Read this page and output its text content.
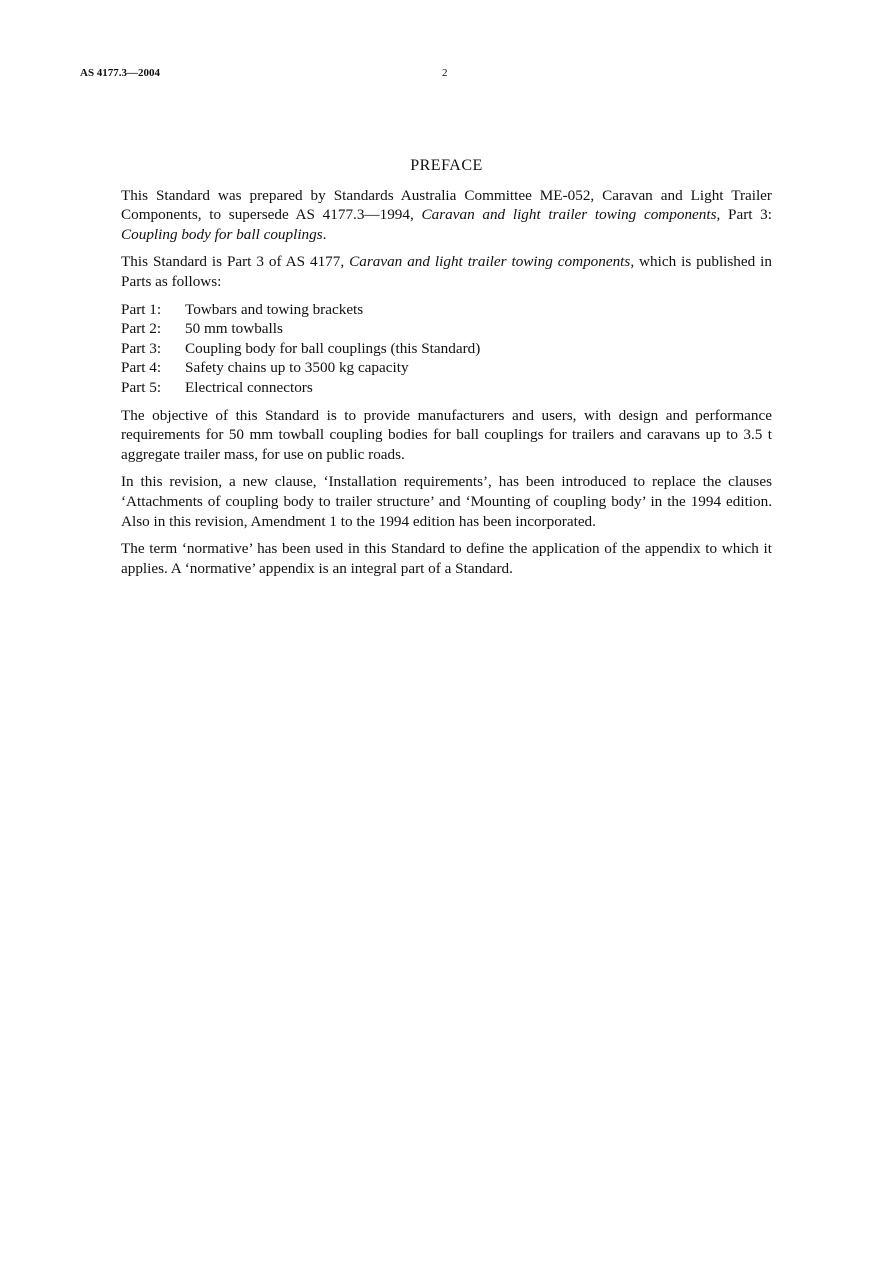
AS 4177.3—2004	2
PREFACE

This Standard was prepared by Standards Australia Committee ME-052, Caravan and Light Trailer Components, to supersede AS 4177.3—1994, Caravan and light trailer towing components, Part 3: Coupling body for ball couplings.

This Standard is Part 3 of AS 4177, Caravan and light trailer towing components, which is published in Parts as follows:

Part 1:	Towbars and towing brackets
Part 2:	50 mm towballs
Part 3:	Coupling body for ball couplings (this Standard)
Part 4:	Safety chains up to 3500 kg capacity
Part 5:	Electrical connectors

The objective of this Standard is to provide manufacturers and users, with design and performance requirements for 50 mm towball coupling bodies for ball couplings for trailers and caravans up to 3.5 t aggregate trailer mass, for use on public roads.

In this revision, a new clause, ‘Installation requirements’, has been introduced to replace the clauses ‘Attachments of coupling body to trailer structure’ and ‘Mounting of coupling body’ in the 1994 edition. Also in this revision, Amendment 1 to the 1994 edition has been incorporated.

The term ‘normative’ has been used in this Standard to define the application of the appendix to which it applies. A ‘normative’ appendix is an integral part of a Standard.
